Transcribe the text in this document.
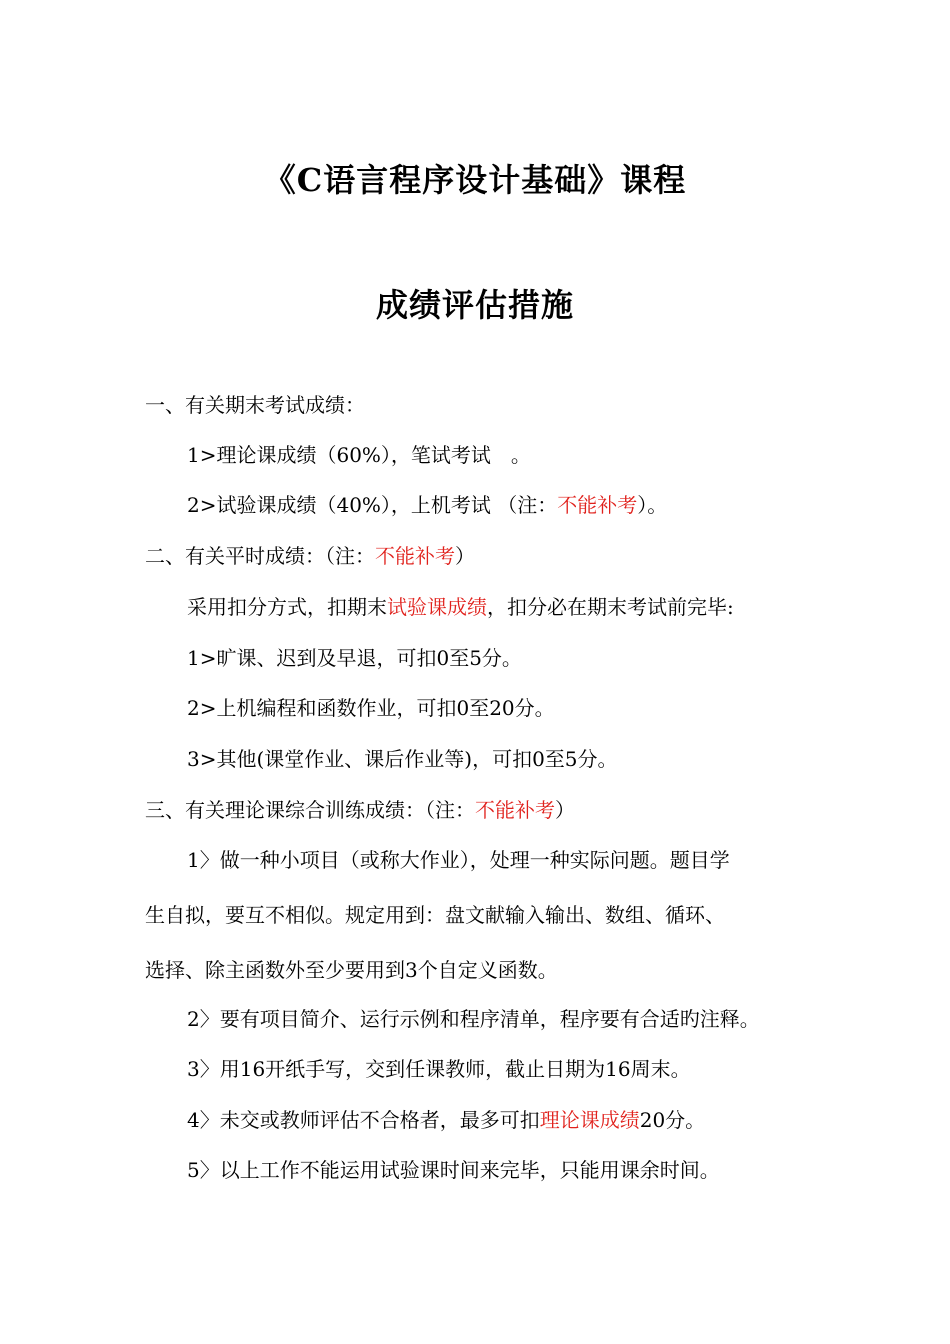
《C语言程序设计基础》课程
成绩评估措施
一、有关期末考试成绩：
1>理论课成绩（60%），笔试考试　。
2>试验课成绩（40%），上机考试 （注：不能补考）。
二、有关平时成绩：（注：不能补考）
采用扣分方式，扣期末试验课成绩，扣分必在期末考试前完毕:
1>旷课、迟到及早退，可扣0至5分。
2>上机编程和函数作业，可扣0至20分。
3>其他(课堂作业、课后作业等)，可扣0至5分。
三、有关理论课综合训练成绩：（注：不能补考）
1〉做一种小项目（或称大作业），处理一种实际问题。题目学
生自拟，要互不相似。规定用到：盘文献输入输出、数组、循环、
选择、除主函数外至少要用到3个自定义函数。
2〉要有项目简介、运行示例和程序清单，程序要有合适旳注释。
3〉用16开纸手写，交到任课教师，截止日期为16周末。
4〉未交或教师评估不合格者，最多可扣理论课成绩20分。
5〉以上工作不能运用试验课时间来完毕，只能用课余时间。
